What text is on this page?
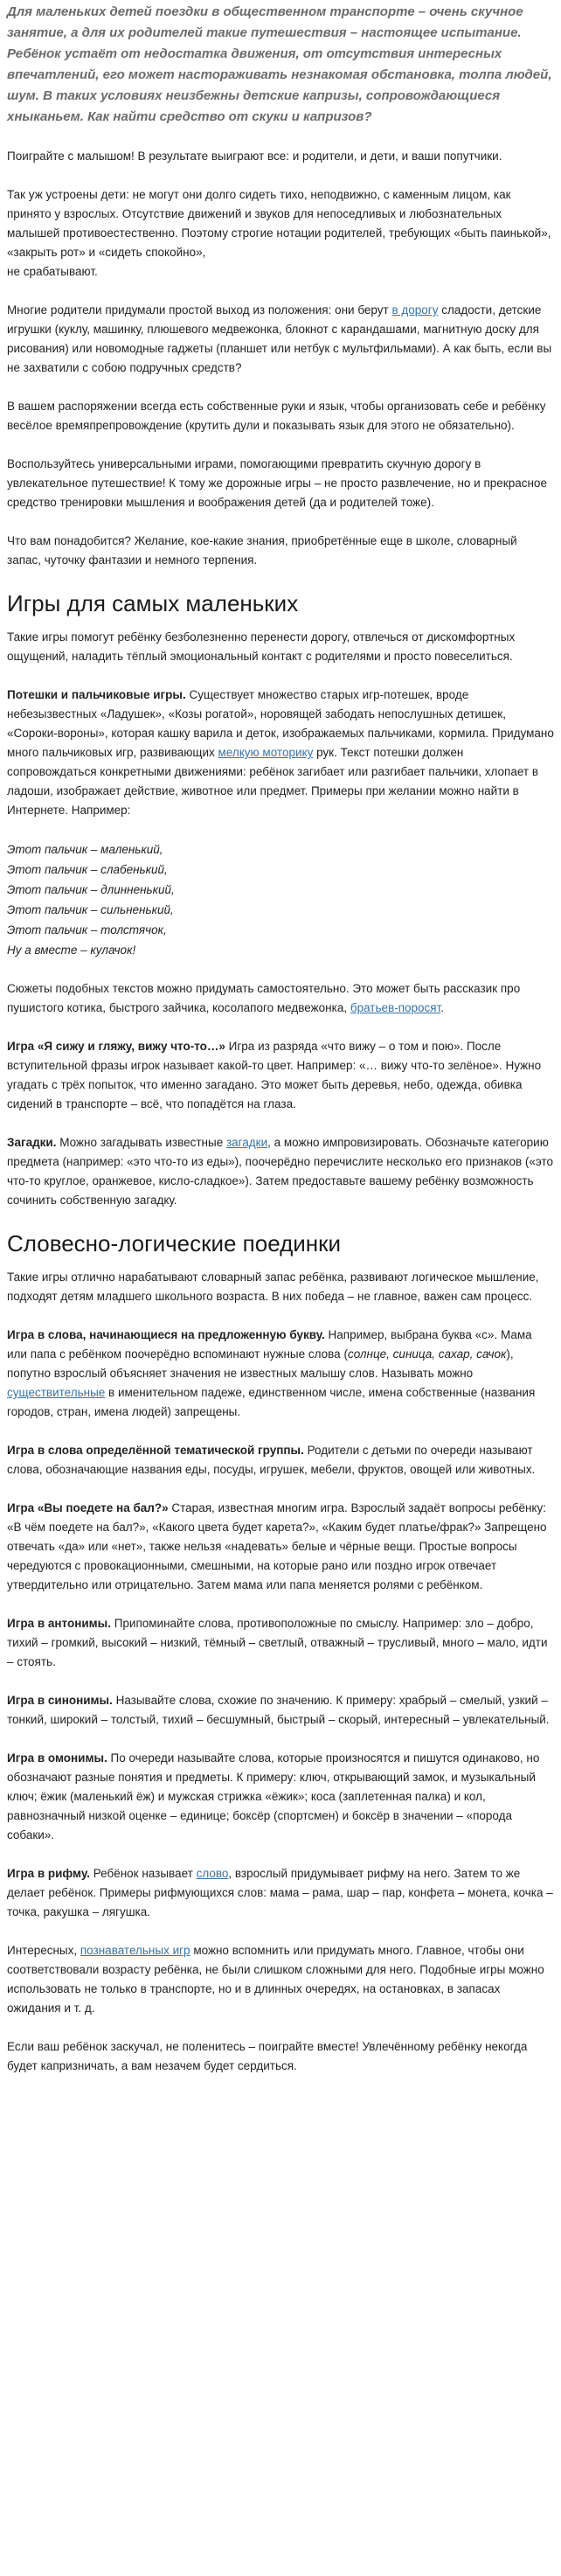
Для маленьких детей поездки в общественном транспорте – очень скучное занятие, а для их родителей такие путешествия – настоящее испытание. Ребёнок устаёт от недостатка движения, от отсутствия интересных впечатлений, его может настораживать незнакомая обстановка, толпа людей, шум. В таких условиях неизбежны детские капризы, сопровождающиеся хныканьем. Как найти средство от скуки и капризов?

Поиграйте с малышом! В результате выиграют все: и родители, и дети, и ваши попутчики.

Так уж устроены дети: не могут они долго сидеть тихо, неподвижно, с каменным лицом, как принято у взрослых. Отсутствие движений и звуков для непоседливых и любознательных малышей противоестественно. Поэтому строгие нотации родителей, требующих «быть паинькой», «закрыть рот» и «сидеть спокойно»,
не срабатывают.

Многие родители придумали простой выход из положения: они берут в дорогу сладости, детские игрушки (куклу, машинку, плюшевого медвежонка, блокнот с карандашами, магнитную доску для рисования) или новомодные гаджеты (планшет или нетбук с мультфильмами). А как быть, если вы не захватили с собою подручных средств?

В вашем распоряжении всегда есть собственные руки и язык, чтобы организовать себе и ребёнку весёлое времяпрепровождение (крутить дули и показывать язык для этого не обязательно).

Воспользуйтесь универсальными играми, помогающими превратить скучную дорогу в увлекательное путешествие! К тому же дорожные игры – не просто развлечение, но и прекрасное средство тренировки мышления и воображения детей (да и родителей тоже).

Что вам понадобится? Желание, кое-какие знания, приобретённые еще в школе, словарный запас, чуточку фантазии и немного терпения.

Игры для самых маленьких

Такие игры помогут ребёнку безболезненно перенести дорогу, отвлечься от дискомфортных ощущений, наладить тёплый эмоциональный контакт с родителями и просто повеселиться.

Потешки и пальчиковые игры. Существует множество старых игр-потешек, вроде небезызвестных «Ладушек», «Козы рогатой», норовящей забодать непослушных детишек, «Сороки-вороны», которая кашку варила и деток, изображаемых пальчиками, кормила. Придумано много пальчиковых игр, развивающих мелкую моторику рук. Текст потешки должен сопровождаться конкретными движениями: ребёнок загибает или разгибает пальчики, хлопает в ладоши, изображает действие, животное или предмет. Примеры при желании можно найти в Интернете. Например:

Этот пальчик – маленький,
Этот пальчик – слабенький,
Этот пальчик – длинненький,
Этот пальчик – сильненький,
Этот пальчик – толстячок,
Ну а вместе – кулачок!

Сюжеты подобных текстов можно придумать самостоятельно. Это может быть рассказик про пушистого котика, быстрого зайчика, косолапого медвежонка, братьев-поросят.

Игра «Я сижу и гляжу, вижу что-то…» Игра из разряда «что вижу – о том и пою». После вступительной фразы игрок называет какой-то цвет. Например: «… вижу что-то зелёное». Нужно угадать с трёх попыток, что именно загадано. Это может быть деревья, небо, одежда, обивка сидений в транспорте – всё, что попадётся на глаза.

Загадки. Можно загадывать известные загадки, а можно импровизировать. Обозначьте категорию предмета (например: «это что-то из еды»), поочерёдно перечислите несколько его признаков («это что-то круглое, оранжевое, кисло-сладкое»). Затем предоставьте вашему ребёнку возможность сочинить собственную загадку.

Словесно-логические поединки

Такие игры отлично нарабатывают словарный запас ребёнка, развивают логическое мышление, подходят детям младшего школьного возраста. В них победа – не главное, важен сам процесс.

Игра в слова, начинающиеся на предложенную букву. Например, выбрана буква «с». Мама или папа с ребёнком поочерёдно вспоминают нужные слова (солнце, синица, сахар, сачок), попутно взрослый объясняет значения не известных малышу слов. Называть можно существительные в именительном падеже, единственном числе, имена собственные (названия городов, стран, имена людей) запрещены.

Игра в слова определённой тематической группы. Родители с детьми по очереди называют слова, обозначающие названия еды, посуды, игрушек, мебели, фруктов, овощей или животных.

Игра «Вы поедете на бал?» Старая, известная многим игра. Взрослый задаёт вопросы ребёнку: «В чём поедете на бал?», «Какого цвета будет карета?», «Каким будет платье/фрак?» Запрещено отвечать «да» или «нет», также нельзя «надевать» белые и чёрные вещи. Простые вопросы чередуются с провокационными, смешными, на которые рано или поздно игрок отвечает утвердительно или отрицательно. Затем мама или папа меняется ролями с ребёнком.

Игра в антонимы. Припоминайте слова, противоположные по смыслу. Например: зло – добро, тихий – громкий, высокий – низкий, тёмный – светлый, отважный – трусливый, много – мало, идти – стоять.

Игра в синонимы. Называйте слова, схожие по значению. К примеру: храбрый – смелый, узкий – тонкий, широкий – толстый, тихий – бесшумный, быстрый – скорый, интересный – увлекательный.

Игра в омонимы. По очереди называйте слова, которые произносятся и пишутся одинаково, но обозначают разные понятия и предметы. К примеру: ключ, открывающий замок, и музыкальный ключ; ёжик (маленький ёж) и мужская стрижка «ёжик»; коса (заплетенная палка) и кол, равнозначный низкой оценке – единице; боксёр (спортсмен) и боксёр в значении – «порода собаки».

Игра в рифму. Ребёнок называет слово, взрослый придумывает рифму на него. Затем то же делает ребёнок. Примеры рифмующихся слов: мама – рама, шар – пар, конфета – монета, кочка – точка, ракушка – лягушка.

Интересных, познавательных игр можно вспомнить или придумать много. Главное, чтобы они соответствовали возрасту ребёнка, не были слишком сложными для него. Подобные игры можно использовать не только в транспорте, но и в длинных очередях, на остановках, в запасах ожидания и т. д.

Если ваш ребёнок заскучал, не поленитесь – поиграйте вместе! Увлечённому ребёнку некогда будет капризничать, а вам незачем будет сердиться.
